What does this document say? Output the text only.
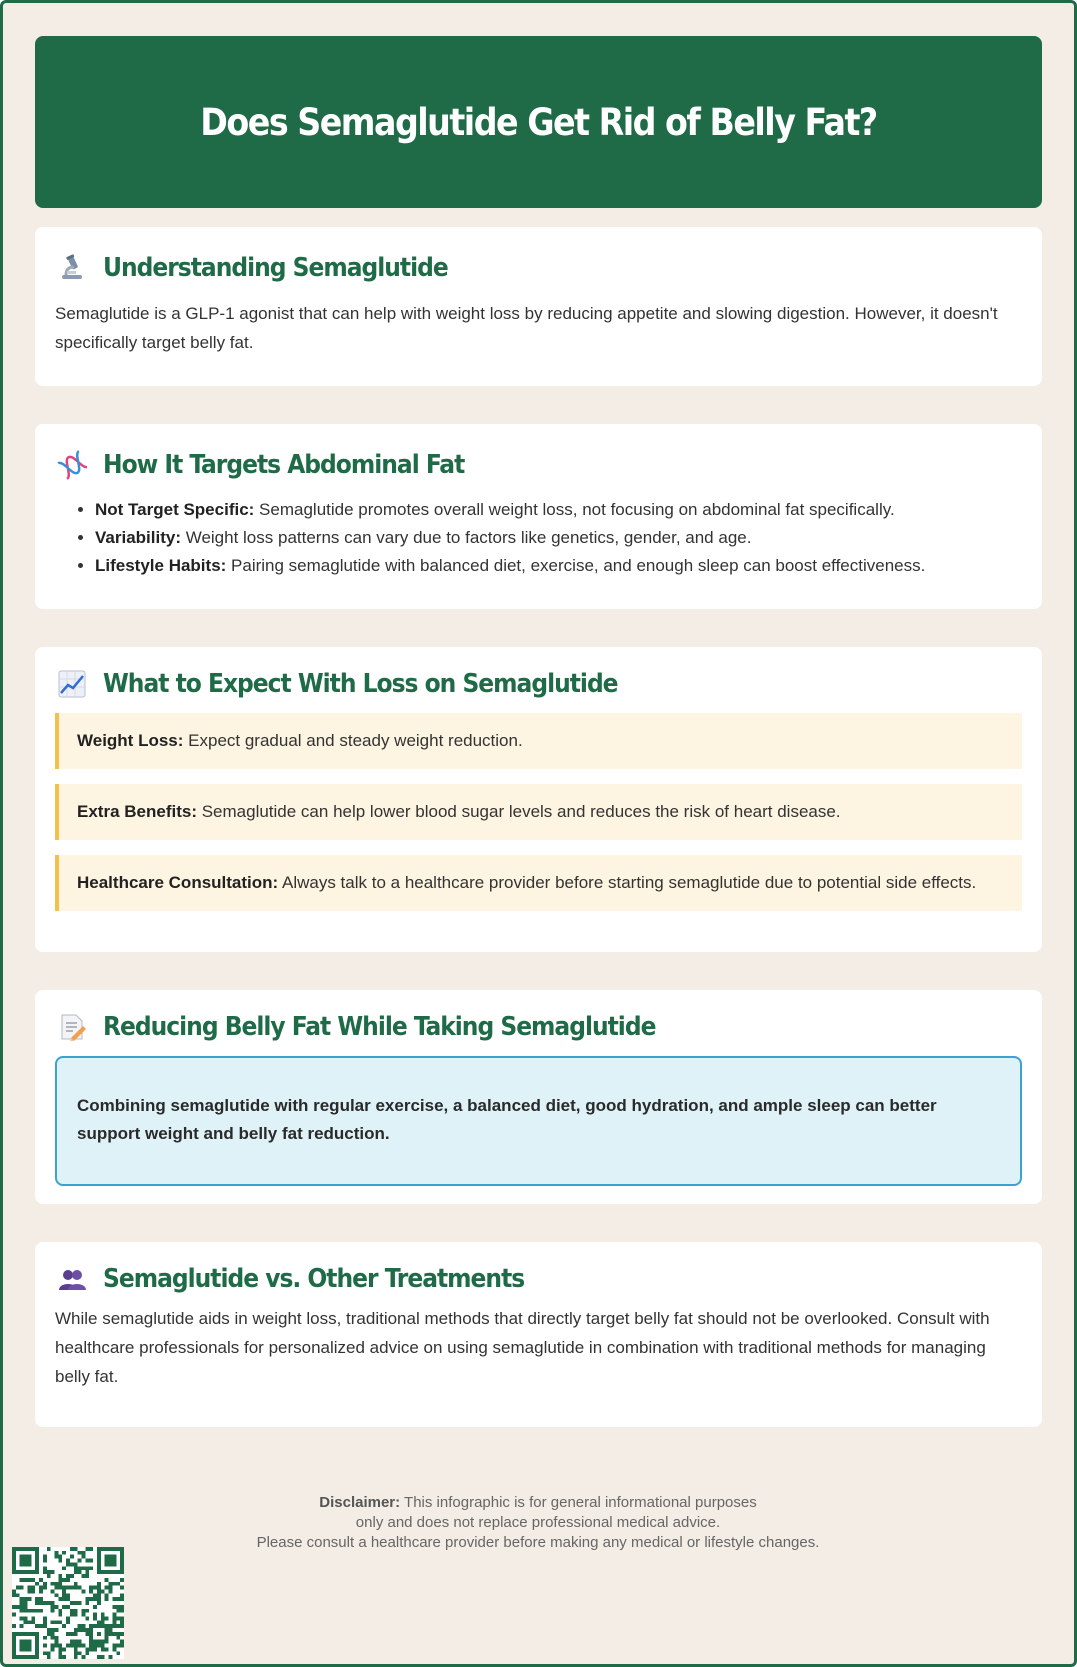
Does Semaglutide Get Rid of Belly Fat?
Understanding Semaglutide

Semaglutide is a GLP-1 agonist that can help with weight loss by reducing appetite and slowing digestion. However, it doesn't specifically target belly fat.

How It Targets Abdominal Fat
• Not Target Specific: Semaglutide promotes overall weight loss, not focusing on abdominal fat specifically.
• Variability: Weight loss patterns can vary due to factors like genetics, gender, and age.
• Lifestyle Habits: Pairing semaglutide with balanced diet, exercise, and enough sleep can boost effectiveness.
What to Expect With Loss on Semaglutide
Weight Loss: Expect gradual and steady weight reduction.
Extra Benefits: Semaglutide can help lower blood sugar levels and reduces the risk of heart disease.
Healthcare Consultation: Always talk to a healthcare provider before starting semaglutide due to potential side effects.
Reducing Belly Fat While Taking Semaglutide
Combining semaglutide with regular exercise, a balanced diet, good hydration, and ample sleep can better support weight and belly fat reduction.
Semaglutide vs. Other Treatments

While semaglutide aids in weight loss, traditional methods that directly target belly fat should not be overlooked. Consult with healthcare professionals for personalized advice on using semaglutide in combination with traditional methods for managing belly fat.

Disclaimer: This infographic is for general informational purposes
only and does not replace professional medical advice.
Please consult a healthcare provider before making any medical or lifestyle changes.
